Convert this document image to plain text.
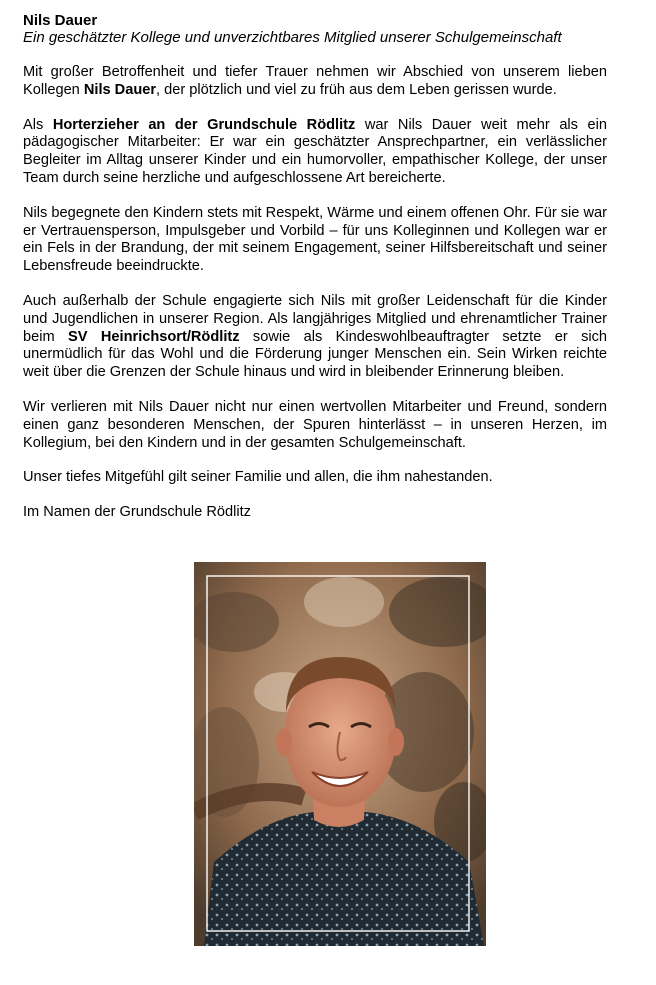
Nils Dauer
Ein geschätzter Kollege und unverzichtbares Mitglied unserer Schulgemeinschaft

Mit großer Betroffenheit und tiefer Trauer nehmen wir Abschied von unserem lieben Kollegen Nils Dauer, der plötzlich und viel zu früh aus dem Leben gerissen wurde.

Als Horterzieher an der Grundschule Rödlitz war Nils Dauer weit mehr als ein pädagogischer Mitarbeiter: Er war ein geschätzter Ansprechpartner, ein verlässlicher Begleiter im Alltag unserer Kinder und ein humorvoller, empathischer Kollege, der unser Team durch seine herzliche und aufgeschlossene Art bereicherte.

Nils begegnete den Kindern stets mit Respekt, Wärme und einem offenen Ohr. Für sie war er Vertrauensperson, Impulsgeber und Vorbild – für uns Kolleginnen und Kollegen war er ein Fels in der Brandung, der mit seinem Engagement, seiner Hilfsbereitschaft und seiner Lebensfreude beeindruckte.

Auch außerhalb der Schule engagierte sich Nils mit großer Leidenschaft für die Kinder und Jugendlichen in unserer Region. Als langjähriges Mitglied und ehrenamtlicher Trainer beim SV Heinrichsort/Rödlitz sowie als Kindeswohlbeauftragter setzte er sich unermüdlich für das Wohl und die Förderung junger Menschen ein. Sein Wirken reichte weit über die Grenzen der Schule hinaus und wird in bleibender Erinnerung bleiben.

Wir verlieren mit Nils Dauer nicht nur einen wertvollen Mitarbeiter und Freund, sondern einen ganz besonderen Menschen, der Spuren hinterlässt – in unseren Herzen, im Kollegium, bei den Kindern und in der gesamten Schulgemeinschaft.

Unser tiefes Mitgefühl gilt seiner Familie und allen, die ihm nahestanden.

Im Namen der Grundschule Rödlitz
